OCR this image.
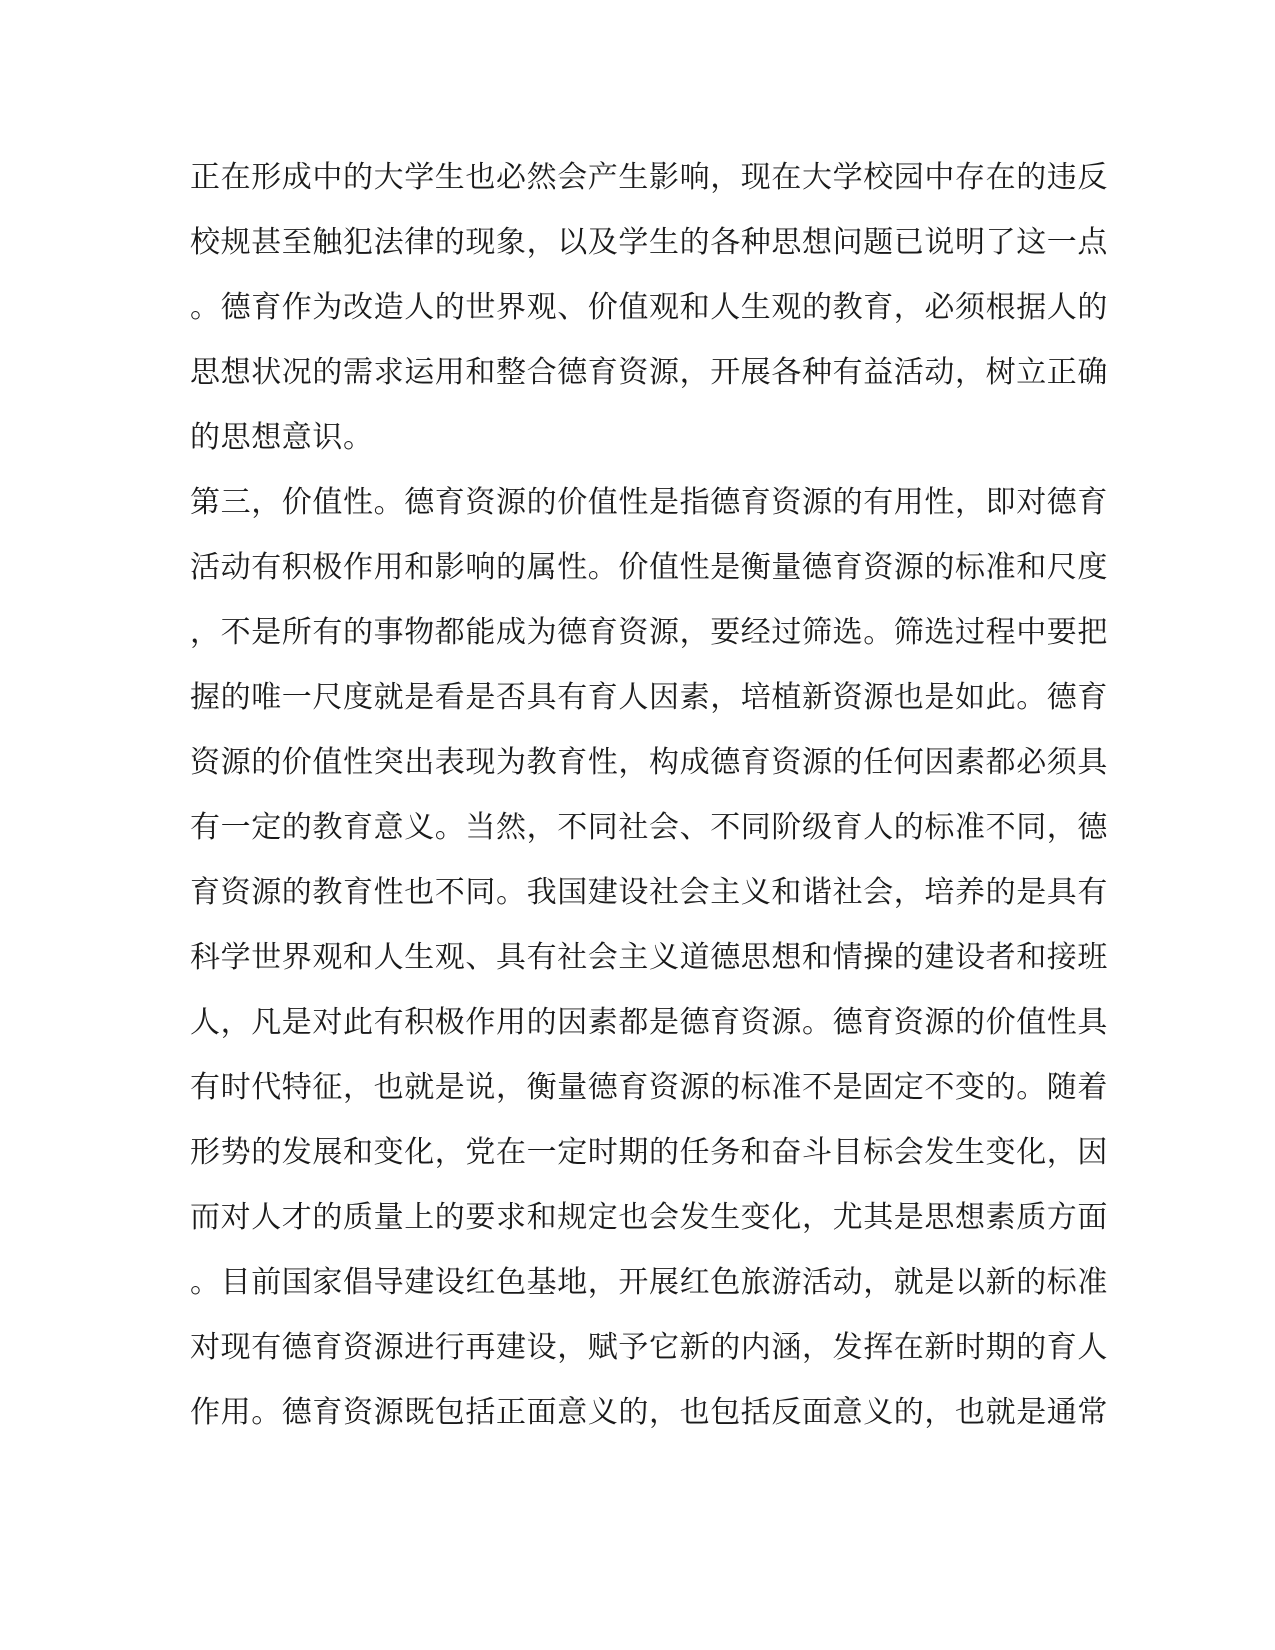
正在形成中的大学生也必然会产生影响，现在大学校园中存在的违反
校规甚至触犯法律的现象，以及学生的各种思想问题已说明了这一点
。德育作为改造人的世界观、价值观和人生观的教育，必须根据人的
思想状况的需求运用和整合德育资源，开展各种有益活动，树立正确
的思想意识。
第三，价值性。德育资源的价值性是指德育资源的有用性，即对德育
活动有积极作用和影响的属性。价值性是衡量德育资源的标准和尺度
，不是所有的事物都能成为德育资源，要经过筛选。筛选过程中要把
握的唯一尺度就是看是否具有育人因素，培植新资源也是如此。德育
资源的价值性突出表现为教育性，构成德育资源的任何因素都必须具
有一定的教育意义。当然，不同社会、不同阶级育人的标准不同，德
育资源的教育性也不同。我国建设社会主义和谐社会，培养的是具有
科学世界观和人生观、具有社会主义道德思想和情操的建设者和接班
人，凡是对此有积极作用的因素都是德育资源。德育资源的价值性具
有时代特征，也就是说，衡量德育资源的标准不是固定不变的。随着
形势的发展和变化，党在一定时期的任务和奋斗目标会发生变化，因
而对人才的质量上的要求和规定也会发生变化，尤其是思想素质方面
。目前国家倡导建设红色基地，开展红色旅游活动，就是以新的标准
对现有德育资源进行再建设，赋予它新的内涵，发挥在新时期的育人
作用。德育资源既包括正面意义的，也包括反面意义的，也就是通常
